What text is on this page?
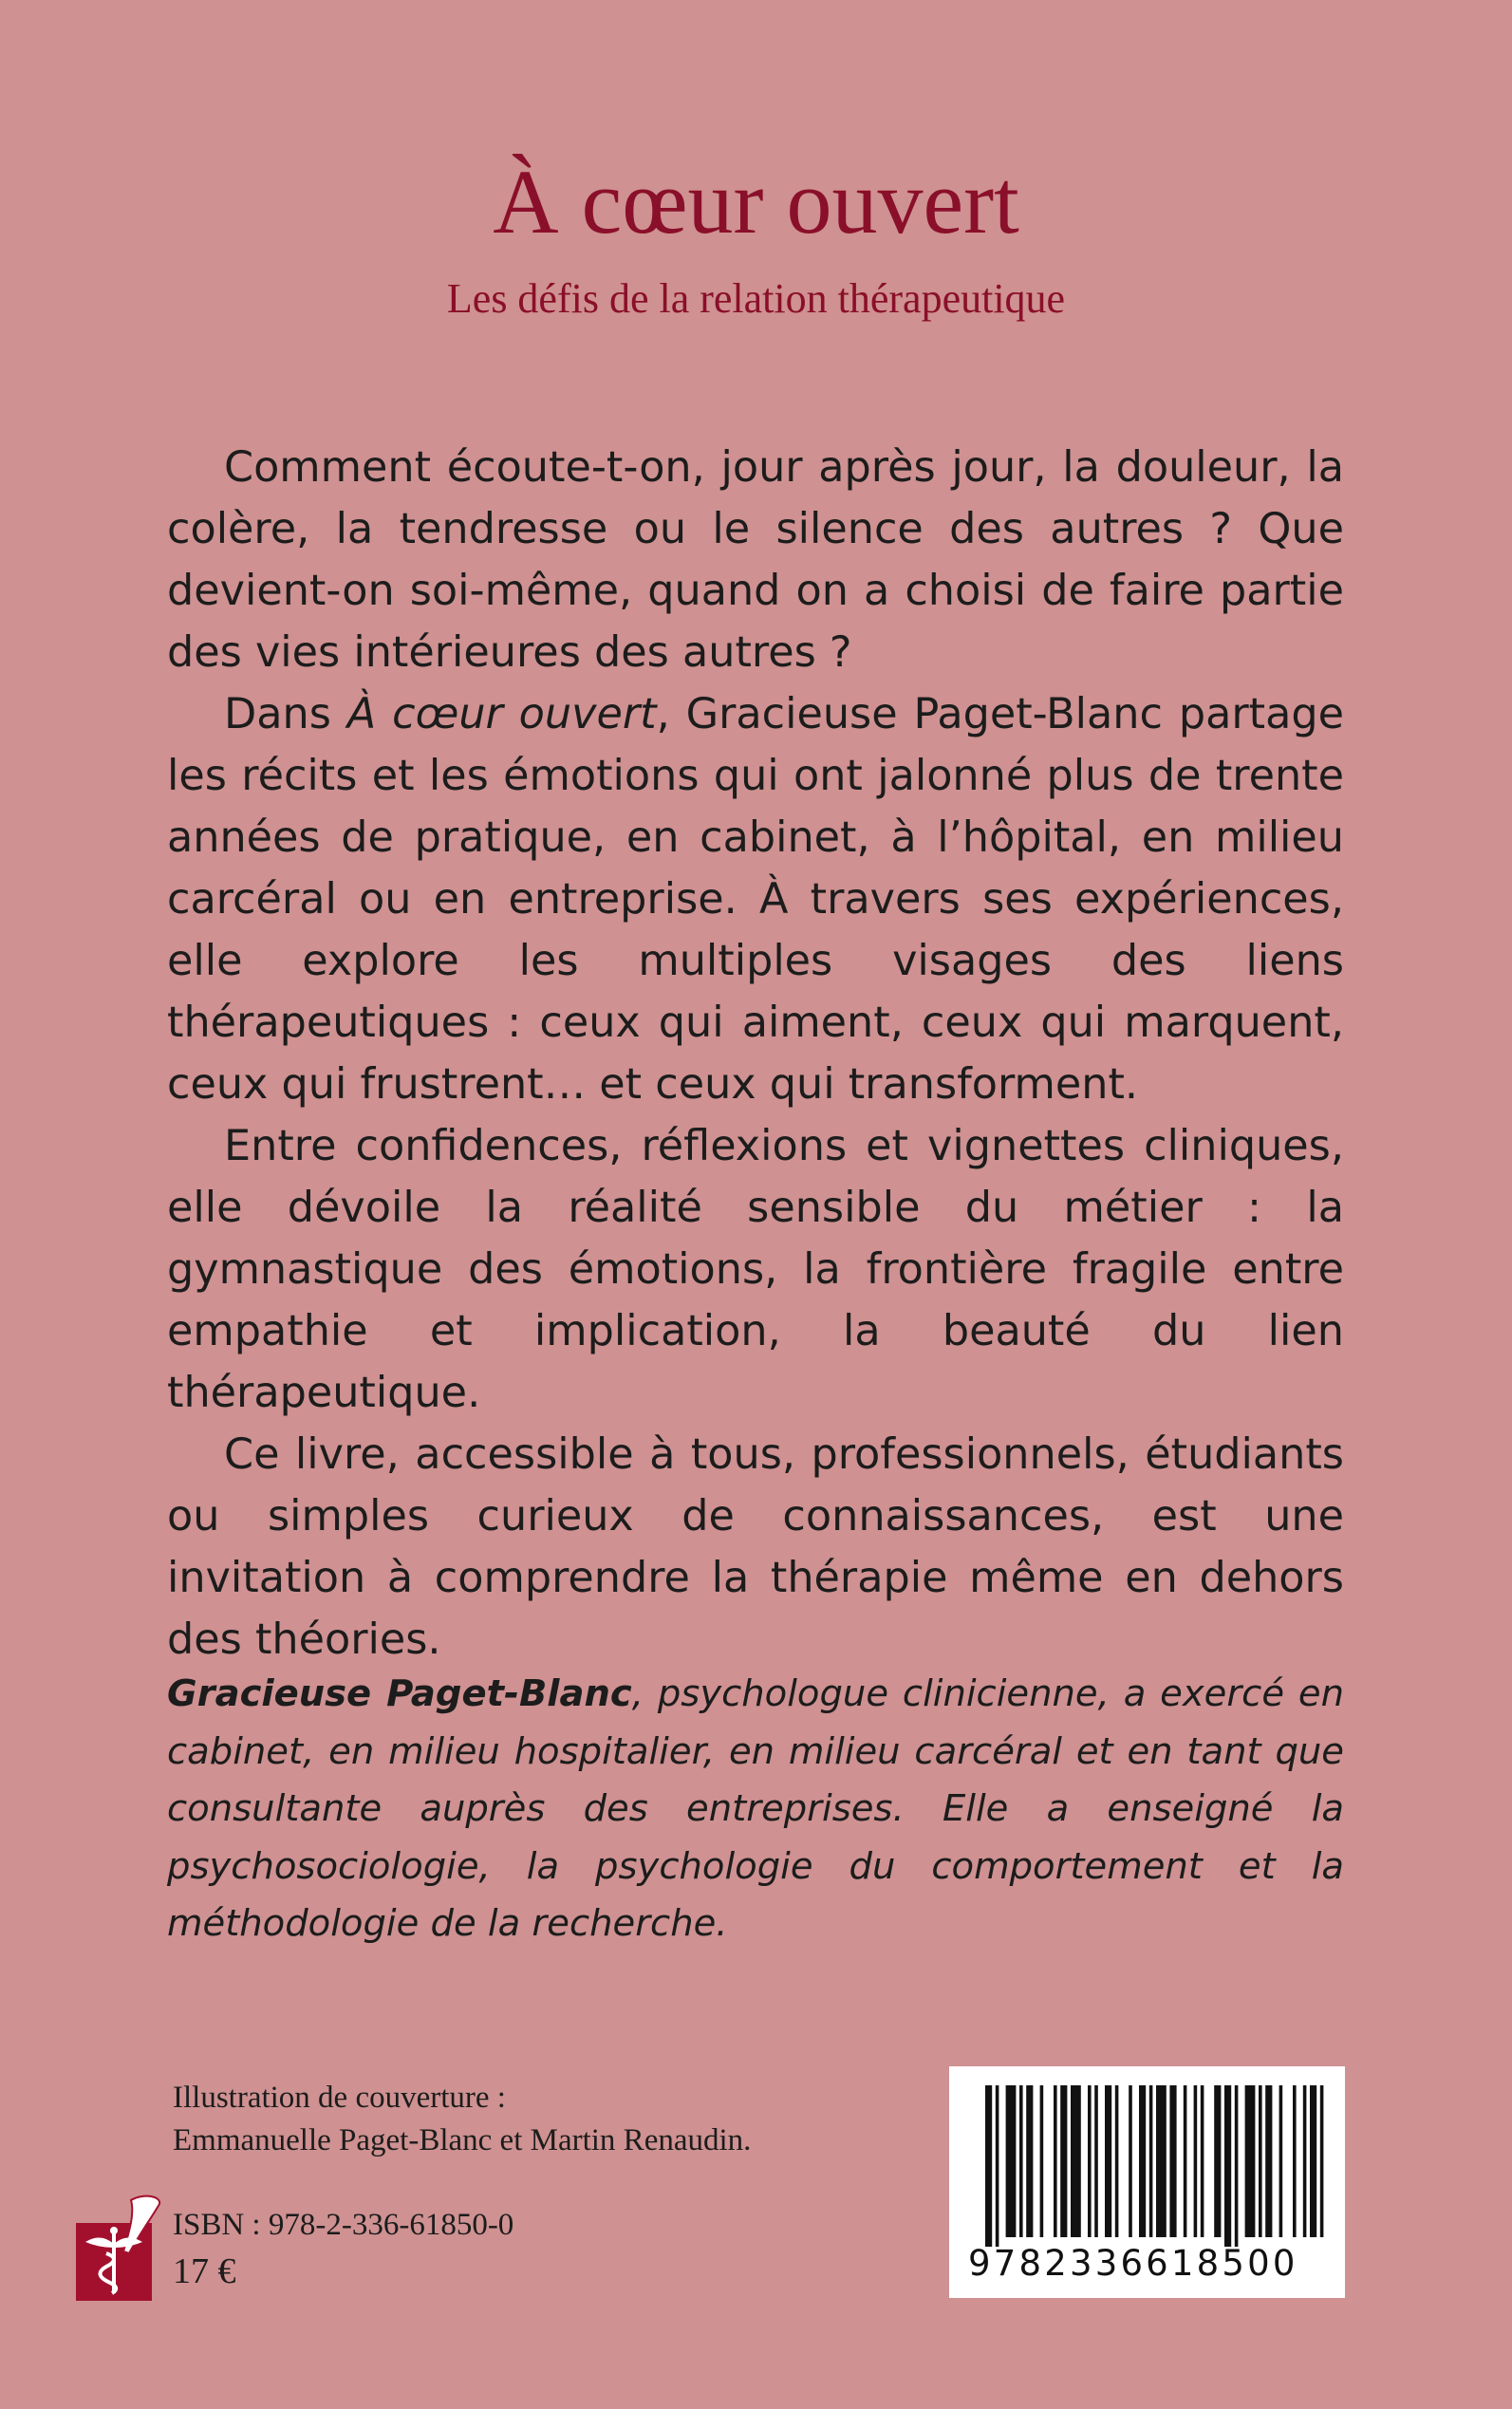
À cœur ouvert
Les défis de la relation thérapeutique

Comment écoute-t-on, jour après jour, la douleur, la colère, la tendresse ou le silence des autres ? Que devient-on soi-même, quand on a choisi de faire partie des vies intérieures des autres ?

Dans À cœur ouvert, Gracieuse Paget-Blanc partage les récits et les émotions qui ont jalonné plus de trente années de pratique, en cabinet, à l’hôpital, en milieu carcéral ou en entreprise. À travers ses expériences, elle explore les multiples visages des liens thérapeutiques : ceux qui aiment, ceux qui marquent, ceux qui frustrent… et ceux qui transforment.

Entre confidences, réflexions et vignettes cliniques, elle dévoile la réalité sensible du métier : la gymnastique des émotions, la frontière fragile entre empathie et implication, la beauté du lien thérapeutique.

Ce livre, accessible à tous, professionnels, étudiants ou simples curieux de connaissances, est une invitation à comprendre la thérapie même en dehors des théories.

Gracieuse Paget-Blanc, psychologue clinicienne, a exercé en cabinet, en milieu hospitalier, en milieu carcéral et en tant que consultante auprès des entreprises. Elle a enseigné la psychosociologie, la psychologie du comportement et la méthodologie de la recherche.
Illustration de couverture :
Emmanuelle Paget-Blanc et Martin Renaudin.
ISBN : 978-2-336-61850-0
17 €	9782336618500
